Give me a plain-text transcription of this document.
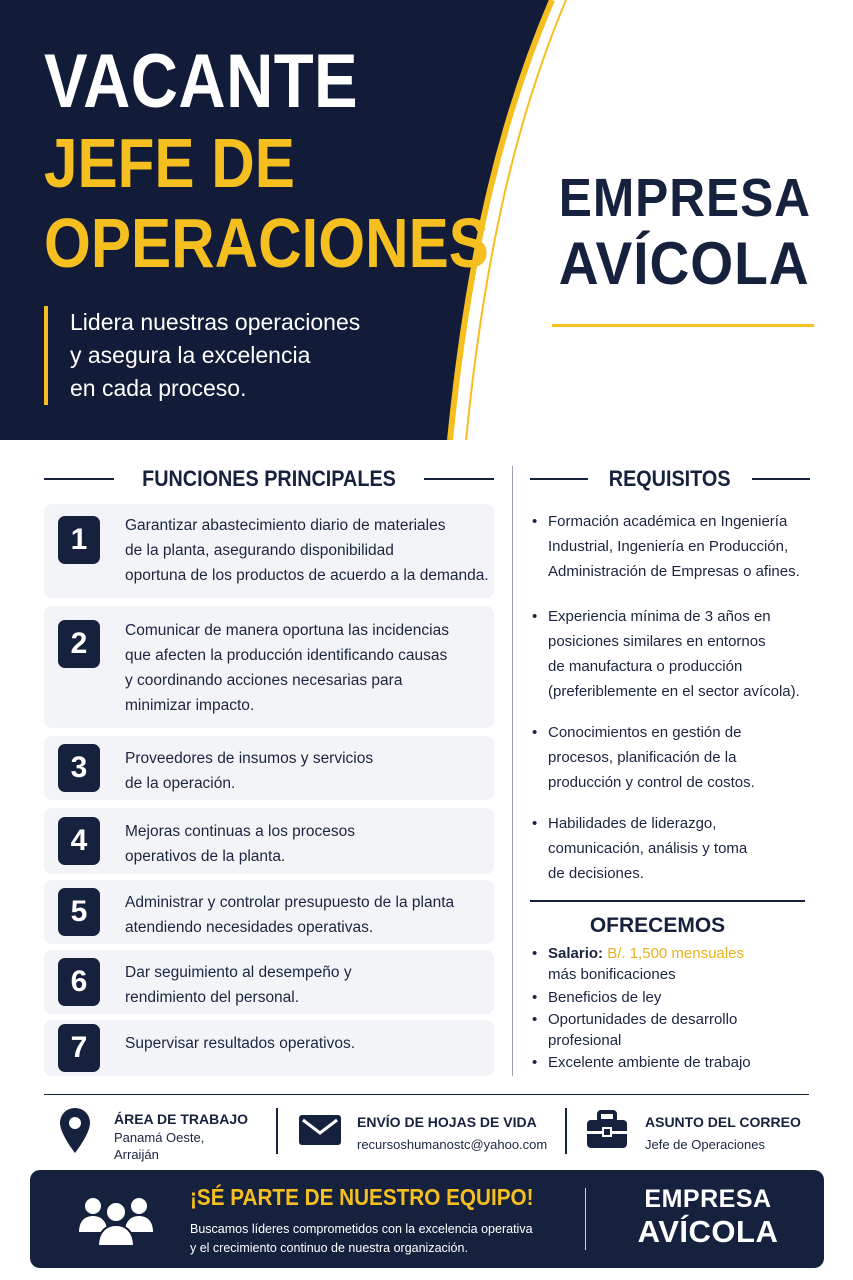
VACANTE
JEFE DE
OPERACIONES
Lidera nuestras operaciones
y asegura la excelencia
en cada proceso.
EMPRESA
AVÍCOLA
FUNCIONES PRINCIPALES
1	Garantizar abastecimiento diario de materiales
de la planta, asegurando disponibilidad
oportuna de los productos de acuerdo a la demanda.
2	Comunicar de manera oportuna las incidencias
que afecten la producción identificando causas
y coordinando acciones necesarias para
minimizar impacto.
3	Proveedores de insumos y servicios
de la operación.
4	Mejoras continuas a los procesos
operativos de la planta.
5	Administrar y controlar presupuesto de la planta
atendiendo necesidades operativas.
6	Dar seguimiento al desempeño y
rendimiento del personal.
7	Supervisar resultados operativos.
REQUISITOS
• Formación académica en Ingeniería
Industrial, Ingeniería en Producción,
Administración de Empresas o afines.
• Experiencia mínima de 3 años en
posiciones similares en entornos
de manufactura o producción
(preferiblemente en el sector avícola).
• Conocimientos en gestión de
procesos, planificación de la
producción y control de costos.
• Habilidades de liderazgo,
comunicación, análisis y toma
de decisiones.
OFRECEMOS
• Salario: B/. 1,500 mensuales
más bonificaciones
• Beneficios de ley
• Oportunidades de desarrollo
profesional
• Excelente ambiente de trabajo
ÁREA DE TRABAJO
Panamá Oeste,
Arraiján
ENVÍO DE HOJAS DE VIDA
recursoshumanostc@yahoo.com
ASUNTO DEL CORREO
Jefe de Operaciones
¡SÉ PARTE DE NUESTRO EQUIPO!
Buscamos líderes comprometidos con la excelencia operativa
y el crecimiento continuo de nuestra organización.
EMPRESA
AVÍCOLA
